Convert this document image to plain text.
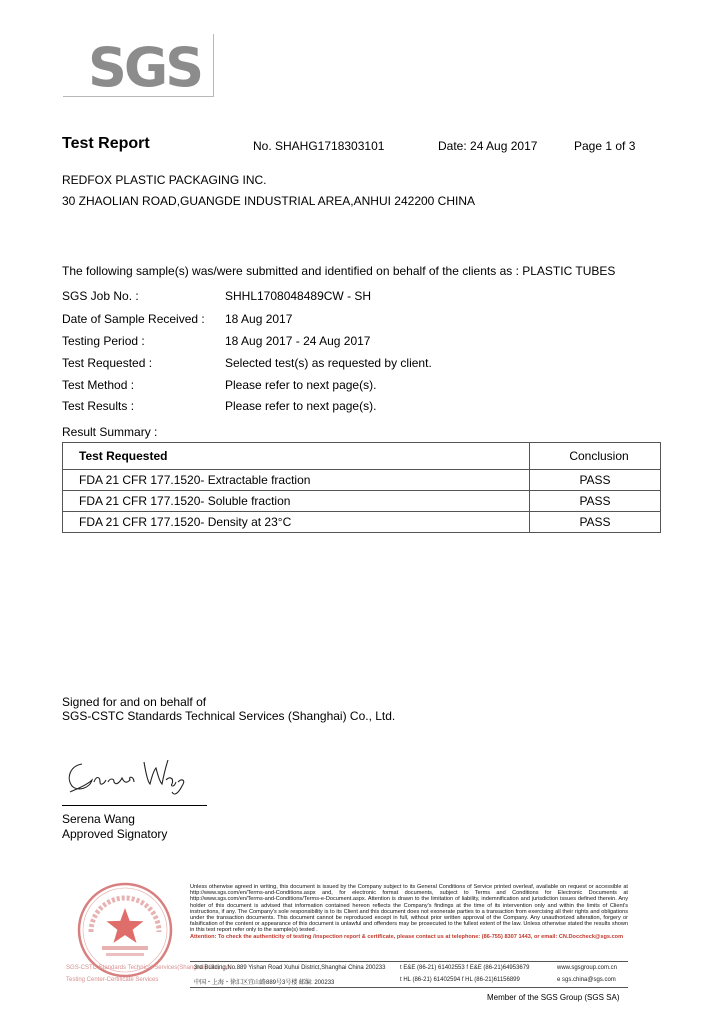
SGS
Test Report	No. SHAHG1718303101	Date: 24 Aug 2017	Page 1 of 3
REDFOX PLASTIC PACKAGING INC.
30 ZHAOLIAN ROAD,GUANGDE INDUSTRIAL AREA,ANHUI 242200 CHINA
The following sample(s) was/were submitted and identified on behalf of the clients as : PLASTIC TUBES
SGS Job No. :	SHHL1708048489CW - SH
Date of Sample Received : 18 Aug 2017
Testing Period :	18 Aug 2017 - 24 Aug 2017
Test Requested :	Selected test(s) as requested by client.
Test Method :	Please refer to next page(s).
Test Results :	Please refer to next page(s).
Result Summary :
Test Requested	Conclusion
FDA 21 CFR 177.1520- Extractable fraction	PASS
FDA 21 CFR 177.1520- Soluble fraction	PASS
FDA 21 CFR 177.1520- Density at 23°C	PASS
Signed for and on behalf of
SGS-CSTC Standards Technical Services (Shanghai) Co., Ltd.
Serena Wang
Approved Signatory
SGS-CSTC Standards Technical Services(Shanghai) Co., Ltd.
Testing Center-Certificate Services
Unless otherwise agreed in writing, this document is issued by the Company subject to its General Conditions of Service printed overleaf, available on request or accessible at http://www.sgs.com/en/Terms-and-Conditions.aspx and, for electronic format documents, subject to Terms and Conditions for Electronic Documents at http://www.sgs.com/en/Terms-and-Conditions/Terms-e-Document.aspx. Attention is drawn to the limitation of liability, indemnification and jurisdiction issues defined therein. Any holder of this document is advised that information contained hereon reflects the Company's findings at the time of its intervention only and within the limits of Client's instructions, if any. The Company's sole responsibility is to its Client and this document does not exonerate parties to a transaction from exercising all their rights and obligations under the transaction documents. This document cannot be reproduced except in full, without prior written approval of the Company. Any unauthorized alteration, forgery or falsification of the content or appearance of this document is unlawful and offenders may be prosecuted to the fullest extent of the law. Unless otherwise stated the results shown in this test report refer only to the sample(s) tested .
Attention: To check the authenticity of testing /inspection report & certificate, please contact us at telephone: (86-755) 8307 1443, or email: CN.Doccheck@sgs.com
3rd Building,No.889 Yishan Road Xuhui District,Shanghai China 200233 t E&E (86-21) 61402553 f E&E (86-21)64953679	www.sgsgroup.com.cn
中国・上海・徐汇区宜山路889号3号楼 邮编: 200233	t HL (86-21) 61402594 f HL (86-21)61156899	e sgs.china@sgs.com
Member of the SGS Group (SGS SA)
